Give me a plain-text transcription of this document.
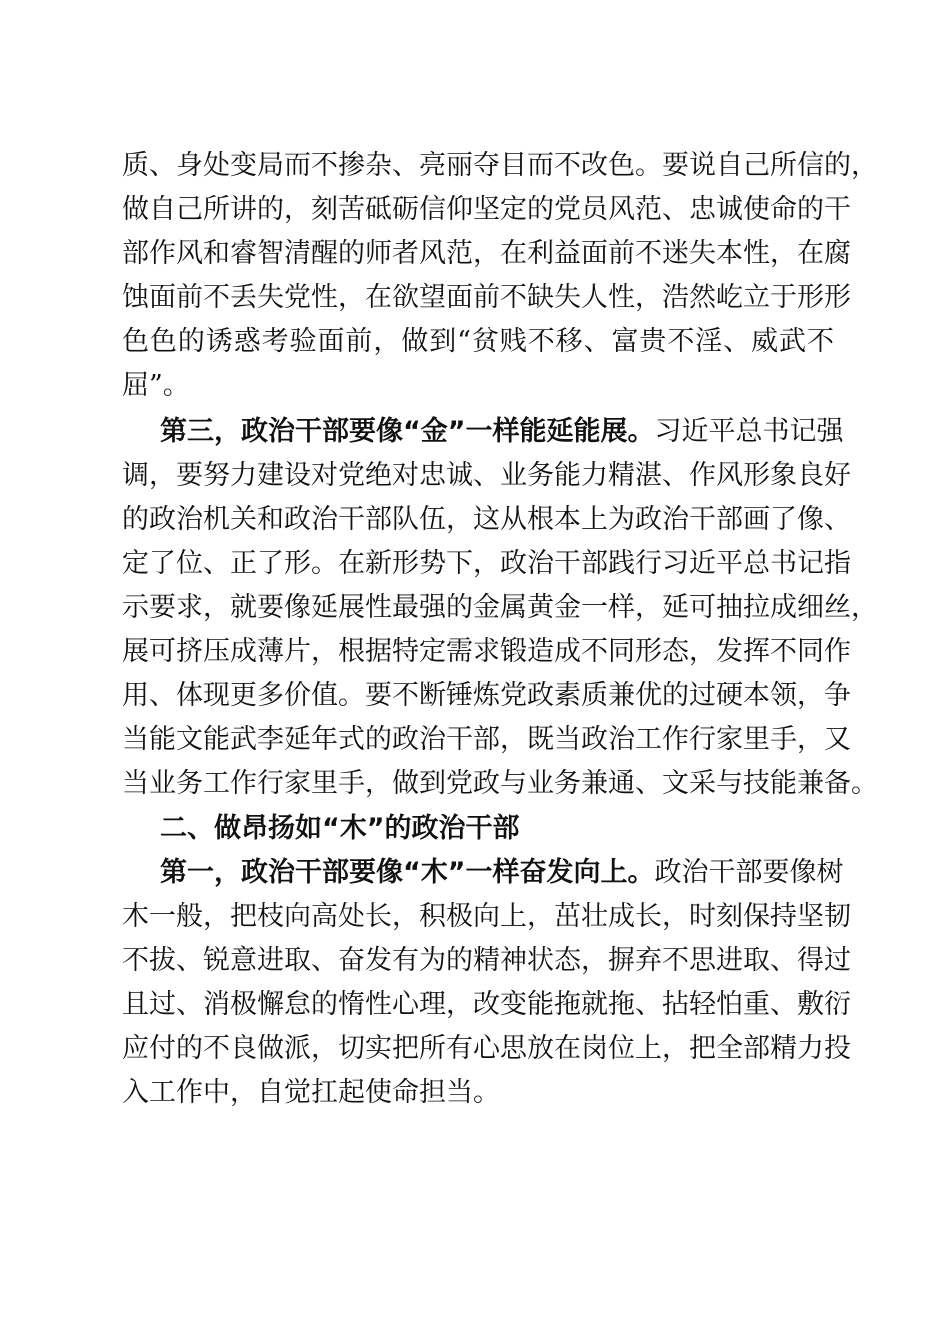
质、身处变局而不掺杂、亮丽夺目而不改色。要说自己所信的，
做自己所讲的，刻苦砥砺信仰坚定的党员风范、忠诚使命的干
部作风和睿智清醒的师者风范，在利益面前不迷失本性，在腐
蚀面前不丢失党性，在欲望面前不缺失人性，浩然屹立于形形
色色的诱惑考验面前，做到“贫贱不移、富贵不淫、威武不
屈”。
第三，政治干部要像“金”一样能延能展。习近平总书记强
调，要努力建设对党绝对忠诚、业务能力精湛、作风形象良好
的政治机关和政治干部队伍，这从根本上为政治干部画了像、
定了位、正了形。在新形势下，政治干部践行习近平总书记指
示要求，就要像延展性最强的金属黄金一样，延可抽拉成细丝，
展可挤压成薄片，根据特定需求锻造成不同形态，发挥不同作
用、体现更多价值。要不断锤炼党政素质兼优的过硬本领，争
当能文能武李延年式的政治干部，既当政治工作行家里手，又
当业务工作行家里手，做到党政与业务兼通、文采与技能兼备。
二、做昂扬如“木”的政治干部
第一，政治干部要像“木”一样奋发向上。政治干部要像树
木一般，把枝向高处长，积极向上，茁壮成长，时刻保持坚韧
不拔、锐意进取、奋发有为的精神状态，摒弃不思进取、得过
且过、消极懈怠的惰性心理，改变能拖就拖、拈轻怕重、敷衍
应付的不良做派，切实把所有心思放在岗位上，把全部精力投
入工作中，自觉扛起使命担当。
